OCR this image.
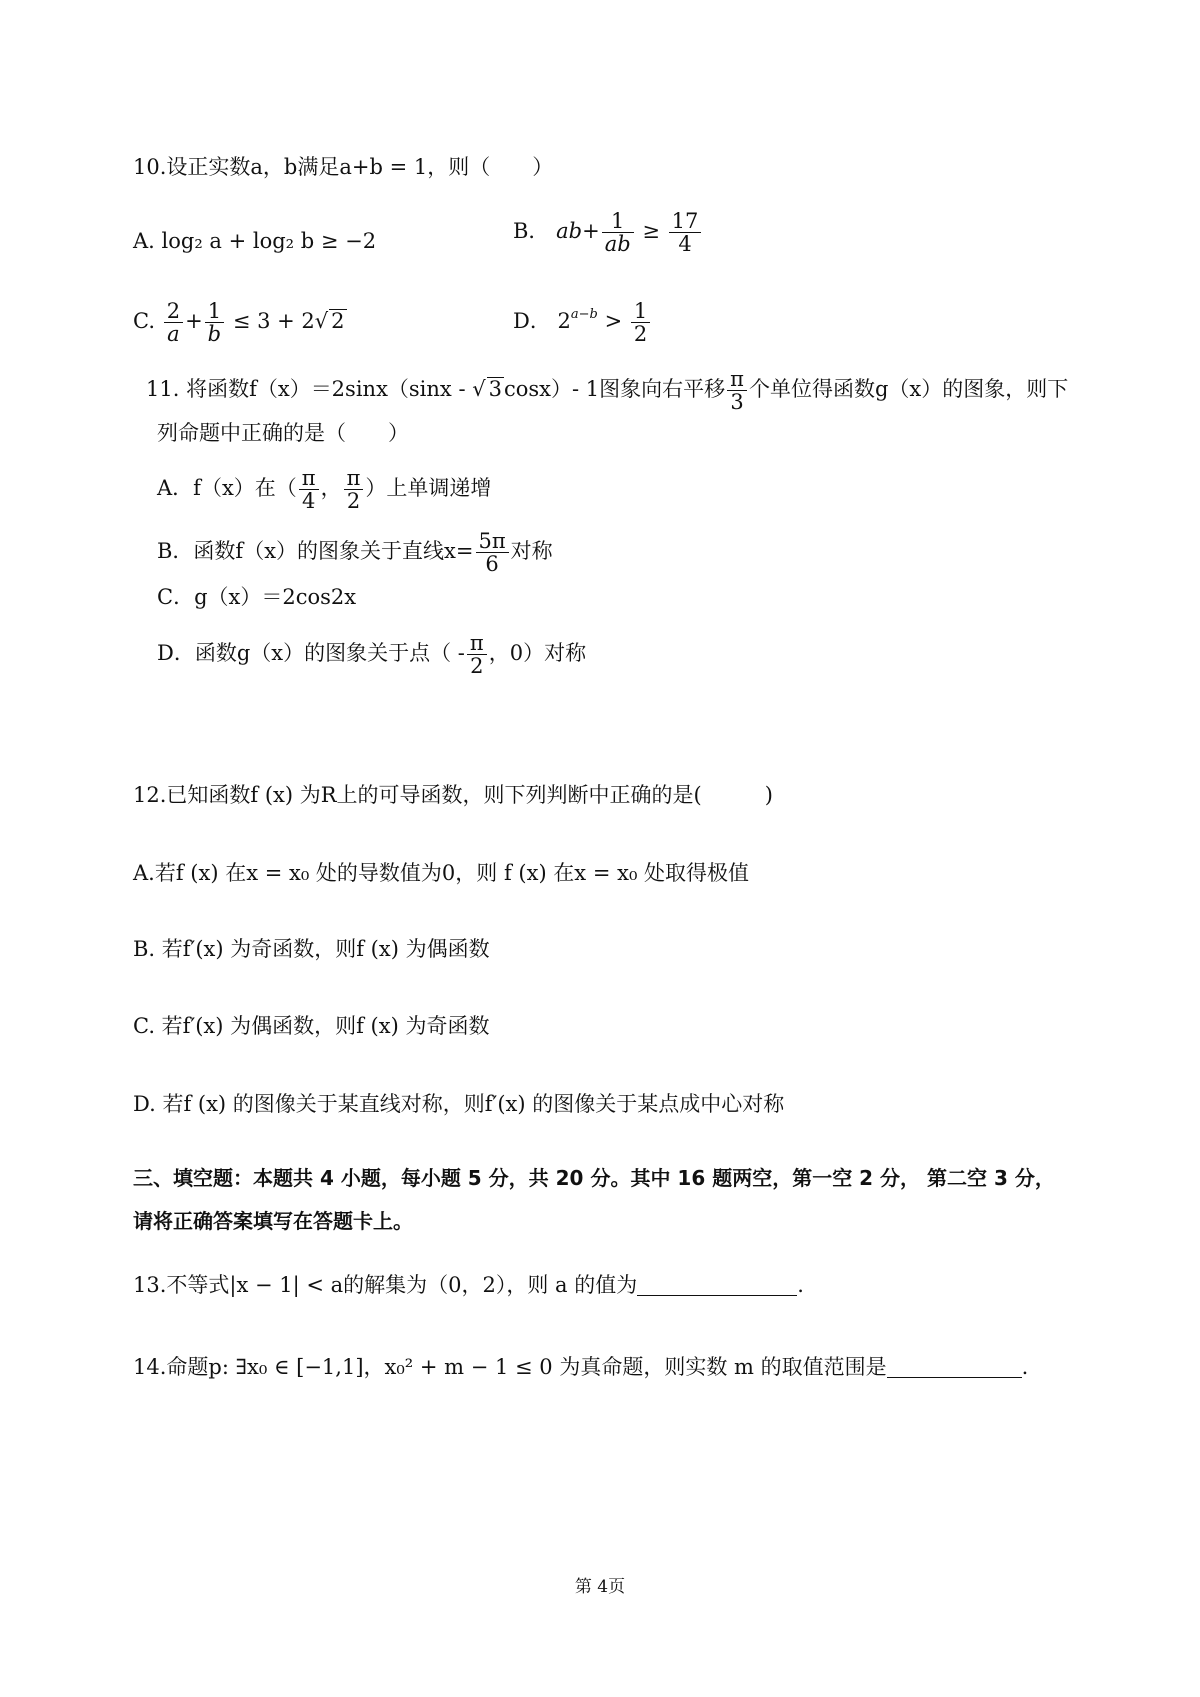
10.设正实数a，b满足a+b = 1，则（　　）
A. log₂ a + log₂ b ≥ −2	B． $ab+ \frac{1}{ab} \ge \frac{17}{4}$
C. $\frac{2}{a} + \frac{1}{b} \le 3 + 2√$ 2	D． $2^{a-b} > \frac{1}{2}$
11. 将函数f（x）＝2sinx（sinx - √ 3cosx）- 1图象向右平移 $\frac{\pi}{3}$ 个单位得函数g（x）的图象，则下
列命题中正确的是（　　）
A．f（x）在（ $\frac{\pi}{4}$ ， $\frac{\pi}{2}$ ）上单调递增
B．函数f（x）的图象关于直线$x= \frac{5\pi}{6}$ 对称
C．g（x）＝2cos2x
D．函数g（x）的图象关于点（ - $\frac{\pi}{2}$ ，0）对称
12.已知函数f (x) 为R上的可导函数，则下列判断中正确的是(　　　)
A.若f (x) 在x = x₀ 处的导数值为0，则 f (x) 在x = x₀ 处取得极值
B. 若f′(x) 为奇函数，则f (x) 为偶函数
C. 若f′(x) 为偶函数，则f (x) 为奇函数
D. 若f (x) 的图像关于某直线对称，则f′(x) 的图像关于某点成中心对称
三、填空题：本题共 4 小题，每小题 5 分，共 20 分。其中 16 题两空，第一空 2 分， 第二空 3 分，
请将正确答案填写在答题卡上。
13.不等式|x − 1| < a的解集为（0，2），则 a 的值为	.
14.命题p: ∃x₀ ∈ [−1,1]，x₀² + m − 1 ≤ 0 为真命题，则实数 m 的取值范围是	.
第 4页
